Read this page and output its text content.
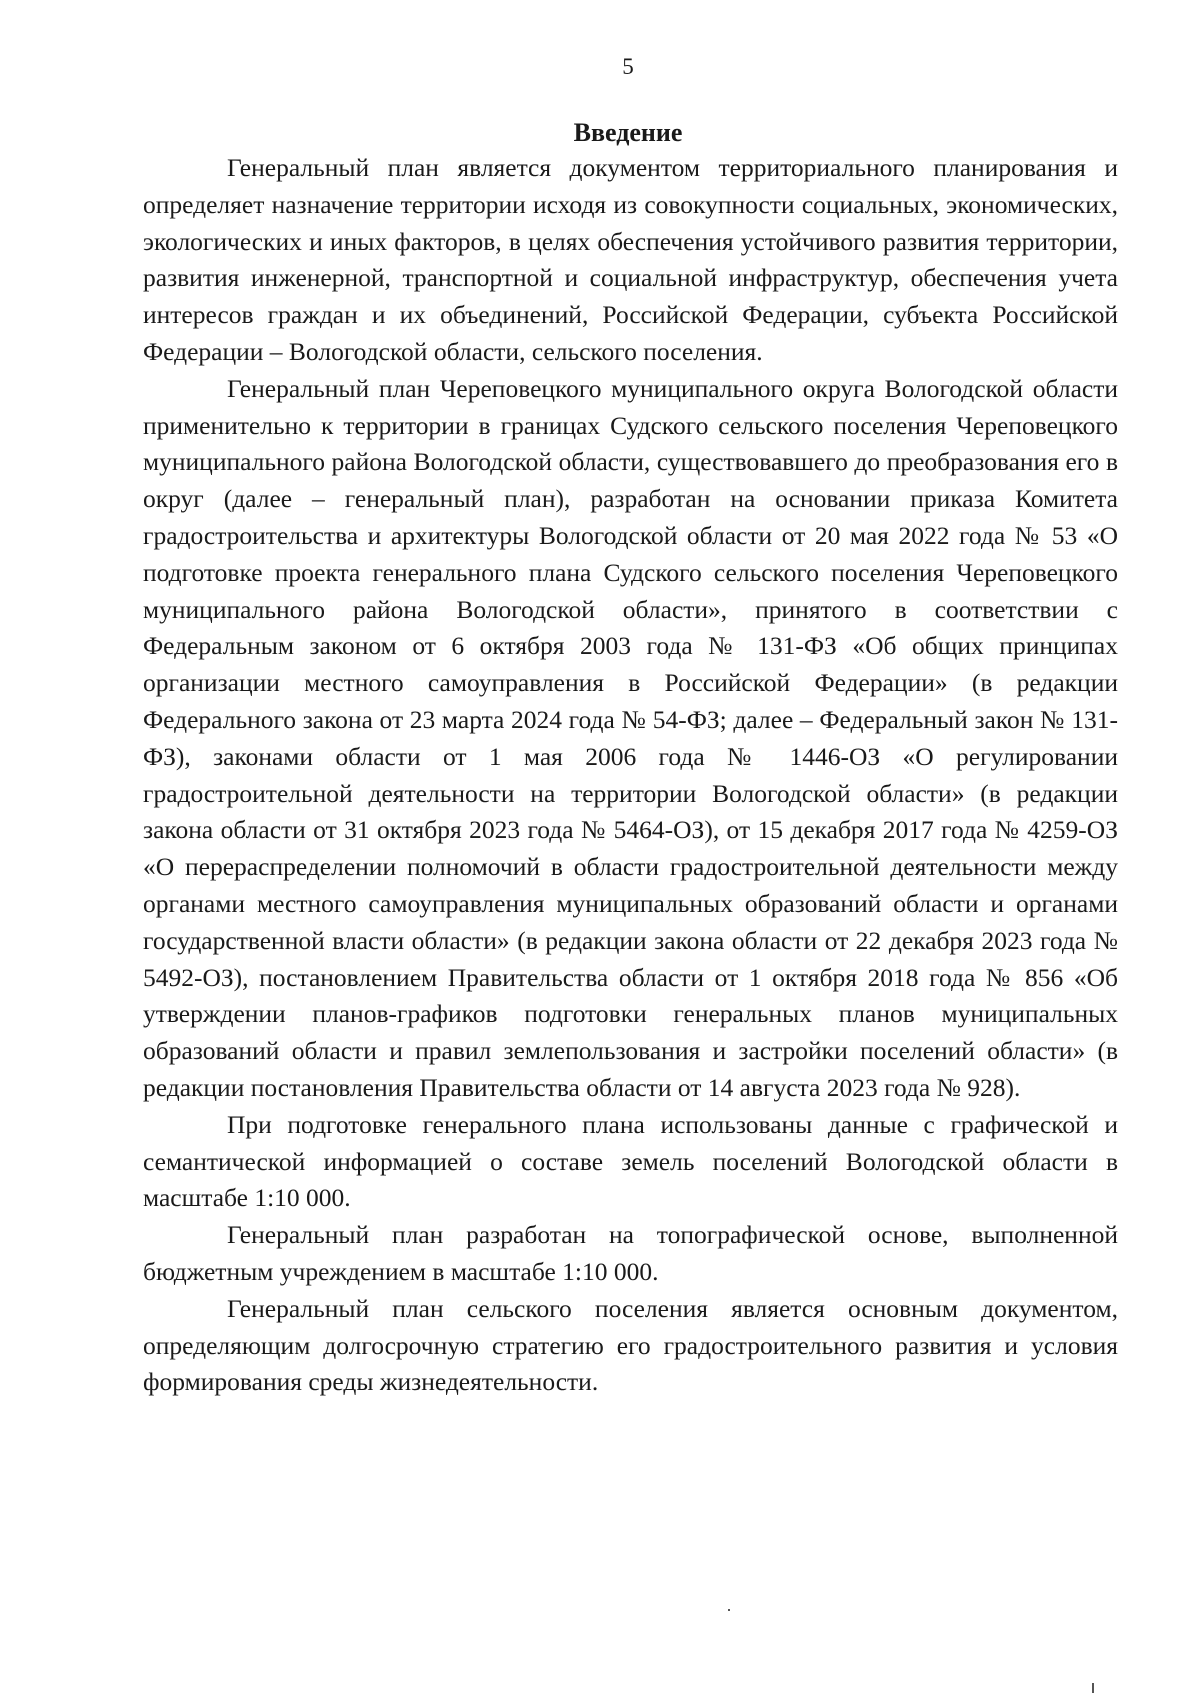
5
Введение

Генеральный план является документом территориального планирования и определяет назначение территории исходя из совокупности социальных, экономических, экологических и иных факторов, в целях обеспечения устойчивого развития территории, развития инженерной, транспортной и социальной инфраструктур, обеспечения учета интересов граждан и их объединений, Российской Федерации, субъекта Российской Федерации – Вологодской области, сельского поселения.

Генеральный план Череповецкого муниципального округа Вологодской области применительно к территории в границах Судского сельского поселения Череповецкого муниципального района Вологодской области, существовавшего до преобразования его в округ (далее – генеральный план), разработан на основании приказа Комитета градостроительства и архитектуры Вологодской области от 20 мая 2022 года № 53 «О подготовке проекта генерального плана Судского сельского поселения Череповецкого муниципального района Вологодской области», принятого в соответствии с Федеральным законом от 6 октября 2003 года № 131-ФЗ «Об общих принципах организации местного самоуправления в Российской Федерации» (в редакции Федерального закона от 23 марта 2024 года № 54-ФЗ; далее – Федеральный закон № 131-ФЗ), законами области от 1 мая 2006 года № 1446-ОЗ «О регулировании градостроительной деятельности на территории Вологодской области» (в редакции закона области от 31 октября 2023 года № 5464-ОЗ), от 15 декабря 2017 года № 4259-ОЗ «О перераспределении полномочий в области градостроительной деятельности между органами местного самоуправления муниципальных образований области и органами государственной власти области» (в редакции закона области от 22 декабря 2023 года № 5492-ОЗ), постановлением Правительства области от 1 октября 2018 года № 856 «Об утверждении планов-графиков подготовки генеральных планов муниципальных образований области и правил землепользования и застройки поселений области» (в редакции постановления Правительства области от 14 августа 2023 года № 928).

При подготовке генерального плана использованы данные с графической и семантической информацией о составе земель поселений Вологодской области в масштабе 1:10 000.

Генеральный план разработан на топографической основе, выполненной бюджетным учреждением в масштабе 1:10 000.

Генеральный план сельского поселения является основным документом, определяющим долгосрочную стратегию его градостроительного развития и условия формирования среды жизнедеятельности.
